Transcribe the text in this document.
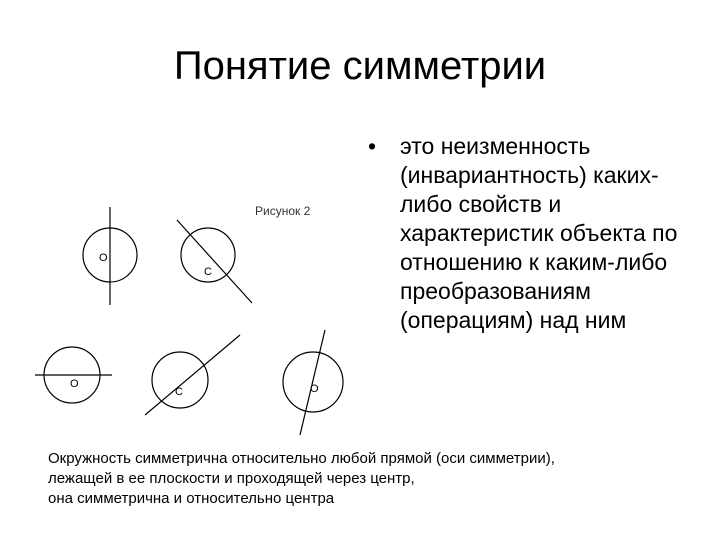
Понятие симметрии
Рисунок 2
O
C
O
C	O
•	это неизменность (инвариантность) каких-либо свойств и характеристик объекта по отношению к каким-либо преобразованиям (операциям) над ним
Окружность симметрична относительно любой прямой (оси симметрии),
лежащей в ее плоскости и проходящей через центр,
она симметрична и относительно центра
